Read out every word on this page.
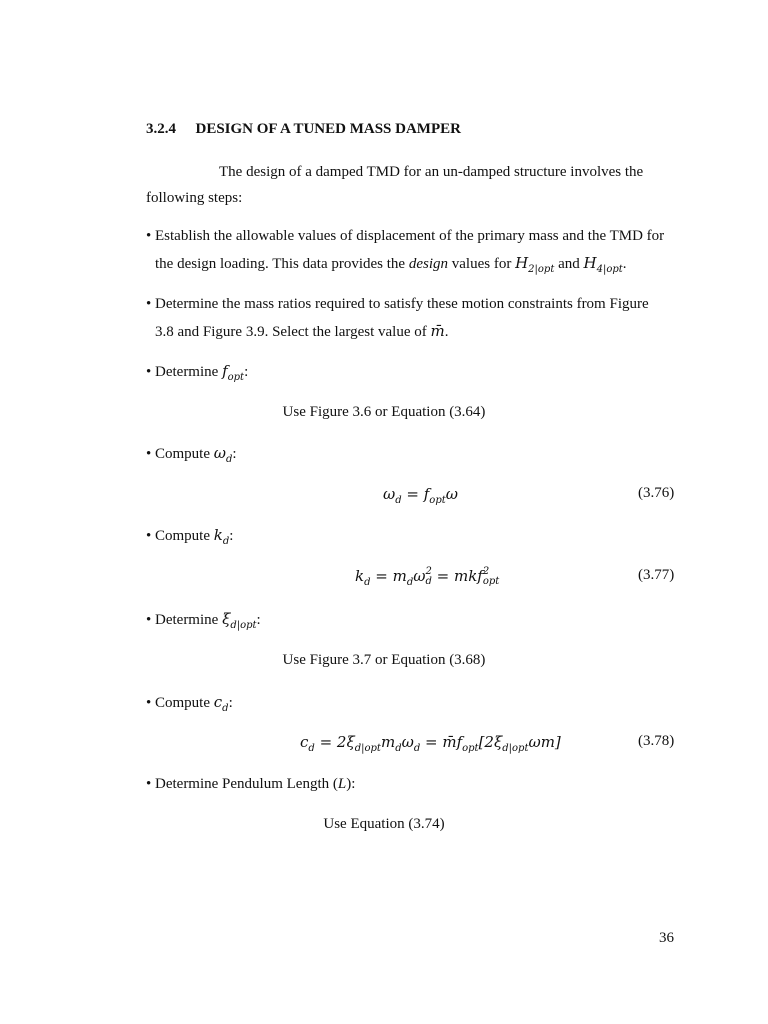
3.2.4 DESIGN OF A TUNED MASS DAMPER
The design of a damped TMD for an un-damped structure involves the
following steps:
• Establish the allowable values of displacement of the primary mass and the TMD for
the design loading. This data provides the design values for $H_{2|opt}$ and $H_{4|opt}$.
• Determine the mass ratios required to satisfy these motion constraints from Figure
3.8 and Figure 3.9. Select the largest value of m̄.
• Determine $f_{opt}$:
Use Figure 3.6 or Equation (3.64)
• Compute $\omega_d$:
$\omega_d = f_{opt}\omega$	(3.76)
• Compute $k_d$:
$k_d = m_d\omega$ 2
d = mkf 2
opt	(3.77)
• Determine $\xi_{d|opt}$:
Use Figure 3.7 or Equation (3.68)
• Compute $c_d$:
$c_d = 2\xi_{d|opt}m_d\omega_d$ = $m̄f_{opt}[2\xi_{d|opt}\omega m]$	(3.78)
• Determine Pendulum Length (L):
Use Equation (3.74)
36
